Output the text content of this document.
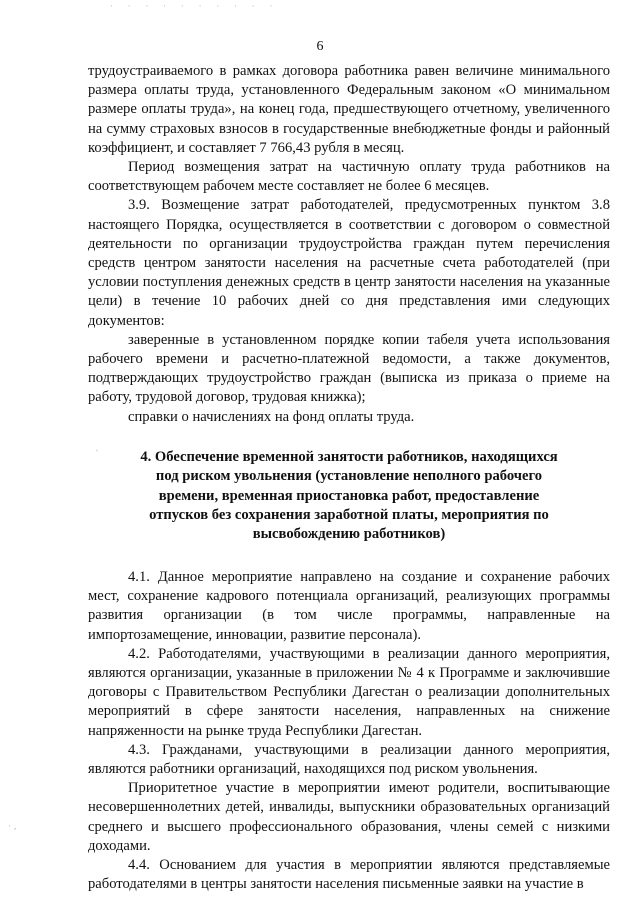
· · · · · · · · · ·
· ,
`
6

трудоустраиваемого в рамках договора работника равен величине минимального размера оплаты труда, установленного Федеральным законом «О минимальном размере оплаты труда», на конец года, предшествующего отчетному, увеличенного на сумму страховых взносов в государственные внебюджетные фонды и районный коэффициент, и составляет 7 766,43 рубля в месяц.

Период возмещения затрат на частичную оплату труда работников на соответствующем рабочем месте составляет не более 6 месяцев.

3.9. Возмещение затрат работодателей, предусмотренных пунктом 3.8 настоящего Порядка, осуществляется в соответствии с договором о совместной деятельности по организации трудоустройства граждан путем перечисления средств центром занятости населения на расчетные счета работодателей (при условии поступления денежных средств в центр занятости населения на указанные цели) в течение 10 рабочих дней со дня представления ими следующих документов:

заверенные в установленном порядке копии табеля учета использования рабочего времени и расчетно-платежной ведомости, а также документов, подтверждающих трудоустройство граждан (выписка из приказа о приеме на работу, трудовой договор, трудовая книжка);

справки о начислениях на фонд оплаты труда.

4. Обеспечение временной занятости работников, находящихся под риском увольнения (установление неполного рабочего времени, временная приостановка работ, предоставление отпусков без сохранения заработной платы, мероприятия по высвобождению работников)

4.1. Данное мероприятие направлено на создание и сохранение рабочих мест, сохранение кадрового потенциала организаций, реализующих программы развития организации (в том числе программы, направленные на импортозамещение, инновации, развитие персонала).

4.2. Работодателями, участвующими в реализации данного мероприятия, являются организации, указанные в приложении № 4 к Программе и заключившие договоры с Правительством Республики Дагестан о реализации дополнительных мероприятий в сфере занятости населения, направленных на снижение напряженности на рынке труда Республики Дагестан.

4.3. Гражданами, участвующими в реализации данного мероприятия, являются работники организаций, находящихся под риском увольнения.

Приоритетное участие в мероприятии имеют родители, воспитывающие несовершеннолетних детей, инвалиды, выпускники образовательных организаций среднего и высшего профессионального образования, члены семей с низкими доходами.

4.4. Основанием для участия в мероприятии являются представляемые работодателями в центры занятости населения письменные заявки на участие в
